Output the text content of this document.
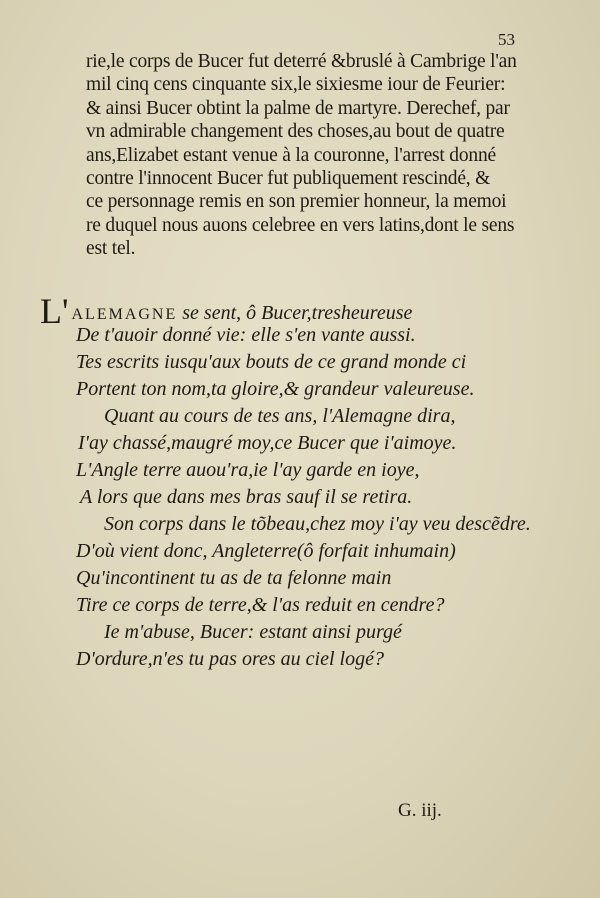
53
rie,le corps de Bucer fut deterré &bruslé à Cambrige l'an
mil cinq cens cinquante six,le sixiesme iour de Feurier:
& ainsi Bucer obtint la palme de martyre. Derechef, par
vn admirable changement des choses,au bout de quatre
ans,Elizabet estant venue à la couronne, l'arrest donné
contre l'innocent Bucer fut publiquement rescindé, &
ce personnage remis en son premier honneur, la memoi
re duquel nous auons celebree en vers latins,dont le sens
est tel.
L' ALEMAGNE se sent, ô Bucer,tresheureuse
De t'auoir donné vie: elle s'en vante aussi.
Tes escrits iusqu'aux bouts de ce grand monde ci
Portent ton nom,ta gloire,& grandeur valeureuse.
Quant au cours de tes ans, l'Alemagne dira,
I'ay chassé,maugré moy,ce Bucer que i'aimoye.
L'Angle terre auou'ra,ie l'ay garde en ioye,
A lors que dans mes bras sauf il se retira.
Son corps dans le tõbeau,chez moy i'ay veu descẽdre.
D'où vient donc, Angleterre(ô forfait inhumain)
Qu'incontinent tu as de ta felonne main
Tire ce corps de terre,& l'as reduit en cendre?
Ie m'abuse, Bucer: estant ainsi purgé
D'ordure,n'es tu pas ores au ciel logé?
G. iij.
